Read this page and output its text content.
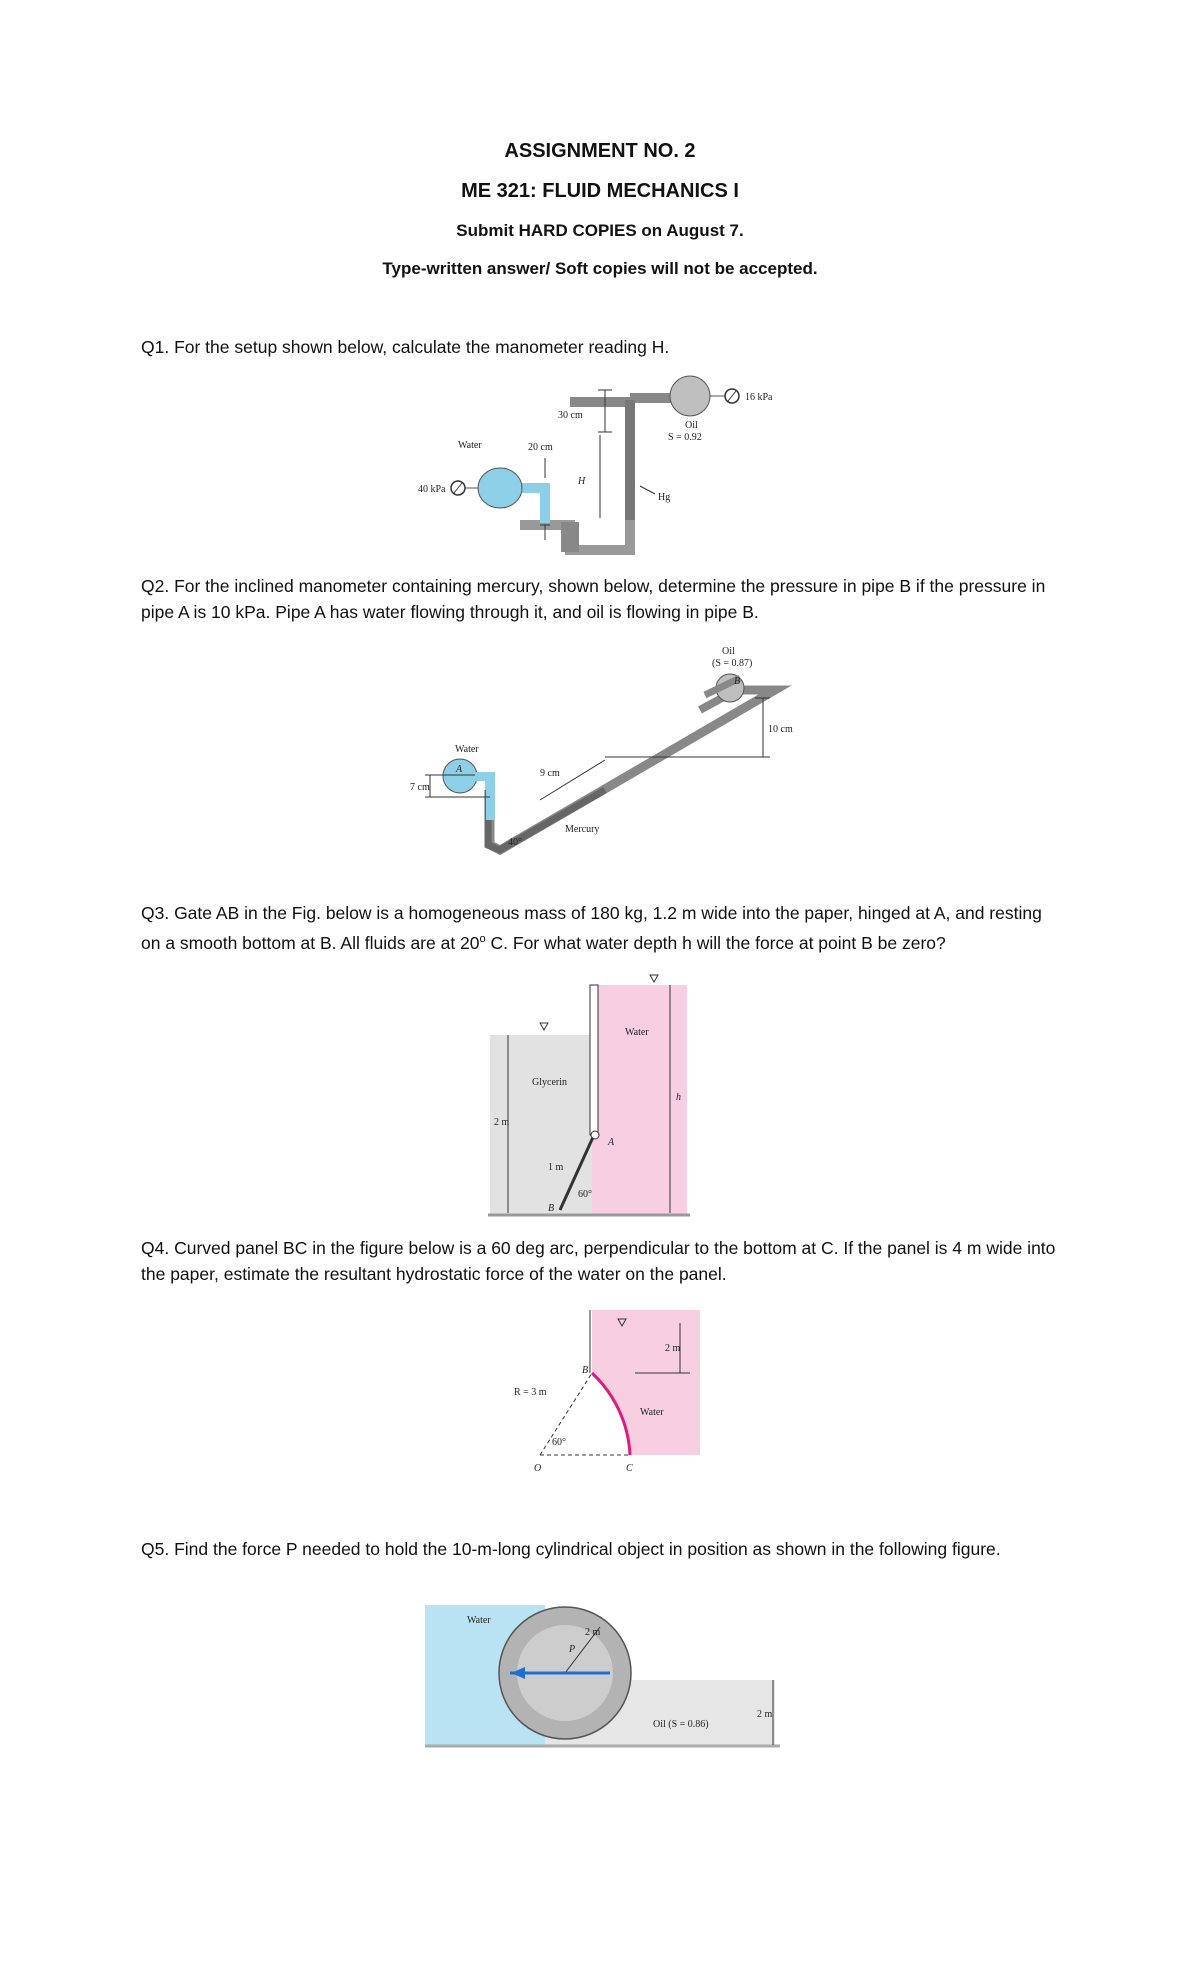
ASSIGNMENT NO. 2
ME 321: FLUID MECHANICS I
Submit HARD COPIES on August 7.
Type-written answer/ Soft copies will not be accepted.
Q1. For the setup shown below, calculate the manometer reading H.
30 cm
Oil
S = 0.92
16 kPa
Water	20 cm
H
40 kPa
Hg
Q2. For the inclined manometer containing mercury, shown below, determine the pressure in pipe B if the pressure in pipe A is 10 kPa. Pipe A has water flowing through it, and oil is flowing in pipe B.
Oil
(S = 0.87)
B
10 cm
Water
A	9 cm
7 cm
Mercury
40°
Q3. Gate AB in the Fig. below is a homogeneous mass of 180 kg, 1.2 m wide into the paper, hinged at A, and resting on a smooth bottom at B. All fluids are at 20$^o$ C. For what water depth h will the force at point B be zero?
Water
Glycerin
h
2 m
A
1 m
B
60°
Q4. Curved panel BC in the figure below is a 60 deg arc, perpendicular to the bottom at C. If the panel is 4 m wide into the paper, estimate the resultant hydrostatic force of the water on the panel.
2 m
B
R = 3 m
Water
60°
O	C
Q5. Find the force P needed to hold the 10-m-long cylindrical object in position as shown in the following figure.
Water
2 m
P
2 m
Oil (S = 0.86)
